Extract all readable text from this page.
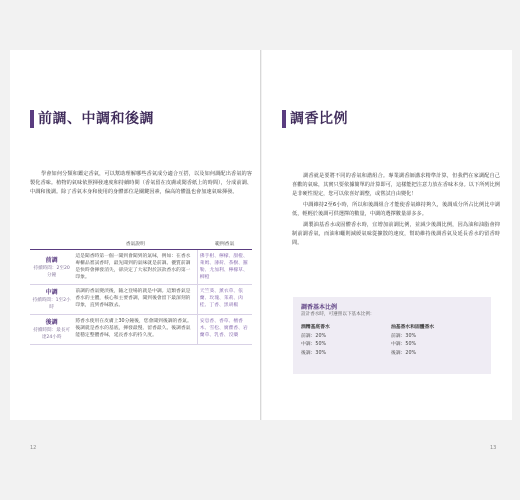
前調、中調和後調

學會如何分類和鑑定香氣，可以幫助理解哪些香氣成分適合互搭，以及如何調配出香氣的客製化香味。植物的氣味依照揮發速度和持續時間（香氣留在皮膚或聞香紙上的時間），分成前調、中調和後調。除了香氣本身和使用的身體部位是關鍵因素，偏高的體溫也會加速氣味揮發。

	香氣說明	範例香氣

前調
持續時間：2至20分鐘	這是聞香時第一個一聞到會聞到的氣味，例如：在香水專櫃品嘗試香時，最先聞到的氣味就是前調。優質前調是快時會揮發消失，卻決定了大家對於該款香水的第一印象。	佛手柑、檸檬、甜橙、萊姆、薄荷、茶樹、羅勒、尤加利、檸檬草、柳橙

中調
持續時間：1至2小時	前調的香氣變淡後，隨之登場的就是中調。這類香氣是香水的主體，核心和主要香調，聞到後會留下最深刻的印象，直到香味散去。	天竺葵、薰衣草、依蘭、玫瑰、茉莉、肉桂、丁香、黑胡椒

後調
持續時間：最長可達24小時	將香水使用在皮膚上30分鐘後，您會聞到後調的香氣。後調就是香水的基底，揮發最慢、留香最久。後調香氣能穩定整體香味，延長香水的持久度。	安息香、香草、檀香木、雪松、廣藿香、岩蘭草、乳香、沒藥
12
調香比例

調香就是要將不同的香氣和諧組合。專業調香師講求精準計算，但我們在家調配自己喜歡的氣味，其實只要依據簡單的計算即可，這樣能把注意力放在香味本身。以下所列比例是非硬性規定，您可以依喜好調整，或嘗試自由變化！

中調維持2至6小時，所以和後調組合才能使香氣維持夠久，後調成分所占比例比中調低，輕輕於後調可供選擇的數量，中調的選擇數量卻多多。

調製油基香水或固體香水時，宜增加前調比例，並減少後調比例，因為油和油脂會抑制前調香氣，而油和蠟則減緩氣味從擴散的速度，幫助維持後調香氣及延長香水的留香時間。

調香基本比例
設計香水時，可遵照以下基本比例：
酒精基底香水
前調：20%
中調：50%
後調：30%
油基香水和固體香水
前調：30%
中調：50%
後調：20%
13
